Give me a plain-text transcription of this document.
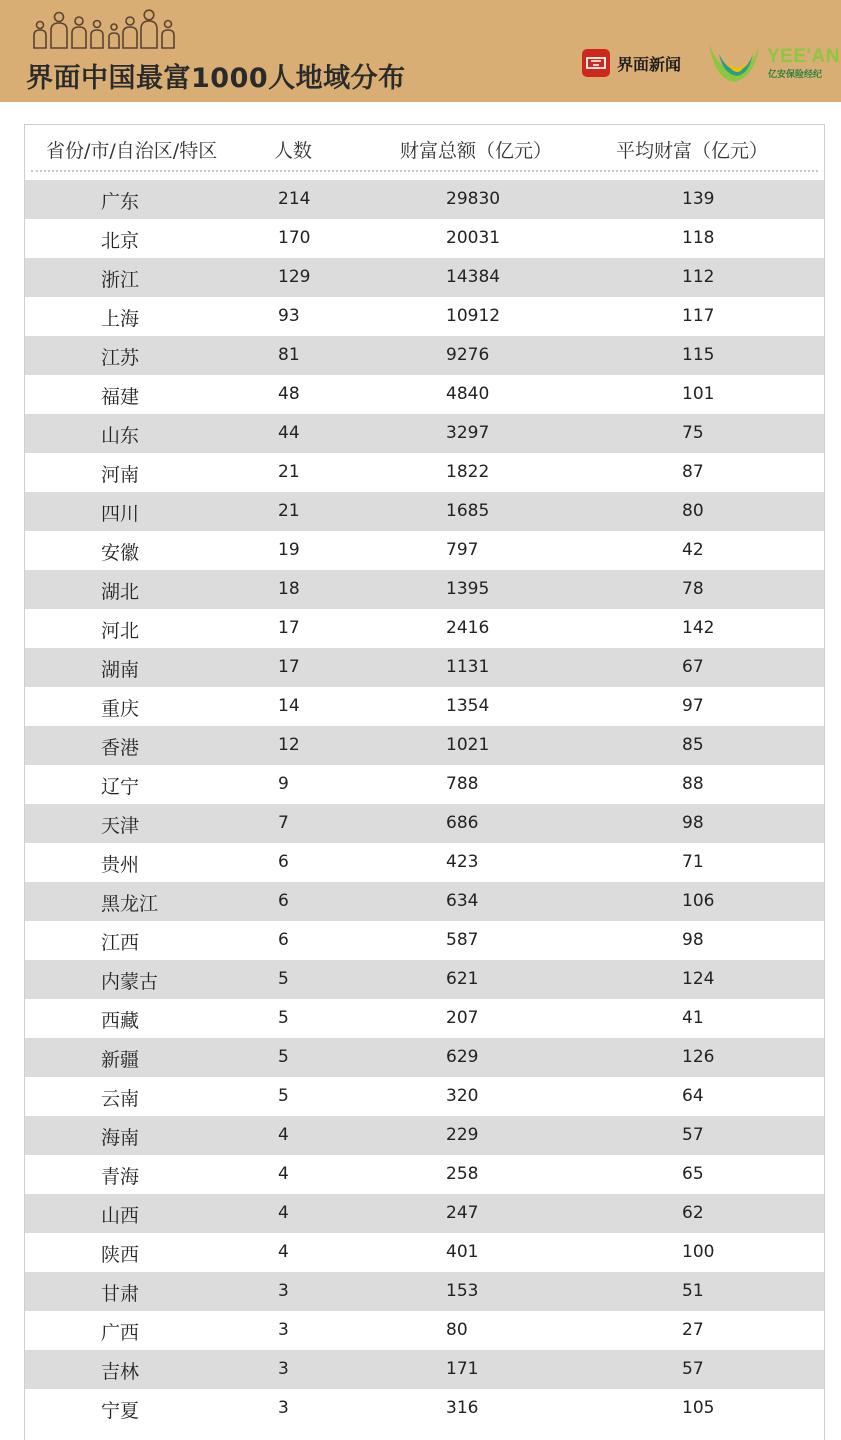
界面中国最富1000人地域分布	界面新闻	YEE'AN
亿安保险经纪
省份/市/自治区/特区	人数	财富总额（亿元）	平均财富（亿元）
广东	214	29830	139
北京	170	20031	118
浙江	129	14384	112
上海	93	10912	117
江苏	81	9276	115
福建	48	4840	101
山东	44	3297	75
河南	21	1822	87
四川	21	1685	80
安徽	19	797	42
湖北	18	1395	78
河北	17	2416	142
湖南	17	1131	67
重庆	14	1354	97
香港	12	1021	85
辽宁	9	788	88
天津	7	686	98
贵州	6	423	71
黑龙江	6	634	106
江西	6	587	98
内蒙古	5	621	124
西藏	5	207	41
新疆	5	629	126
云南	5	320	64
海南	4	229	57
青海	4	258	65
山西	4	247	62
陕西	4	401	100
甘肃	3	153	51
广西	3	80	27
吉林	3	171	57
宁夏	3	316	105
